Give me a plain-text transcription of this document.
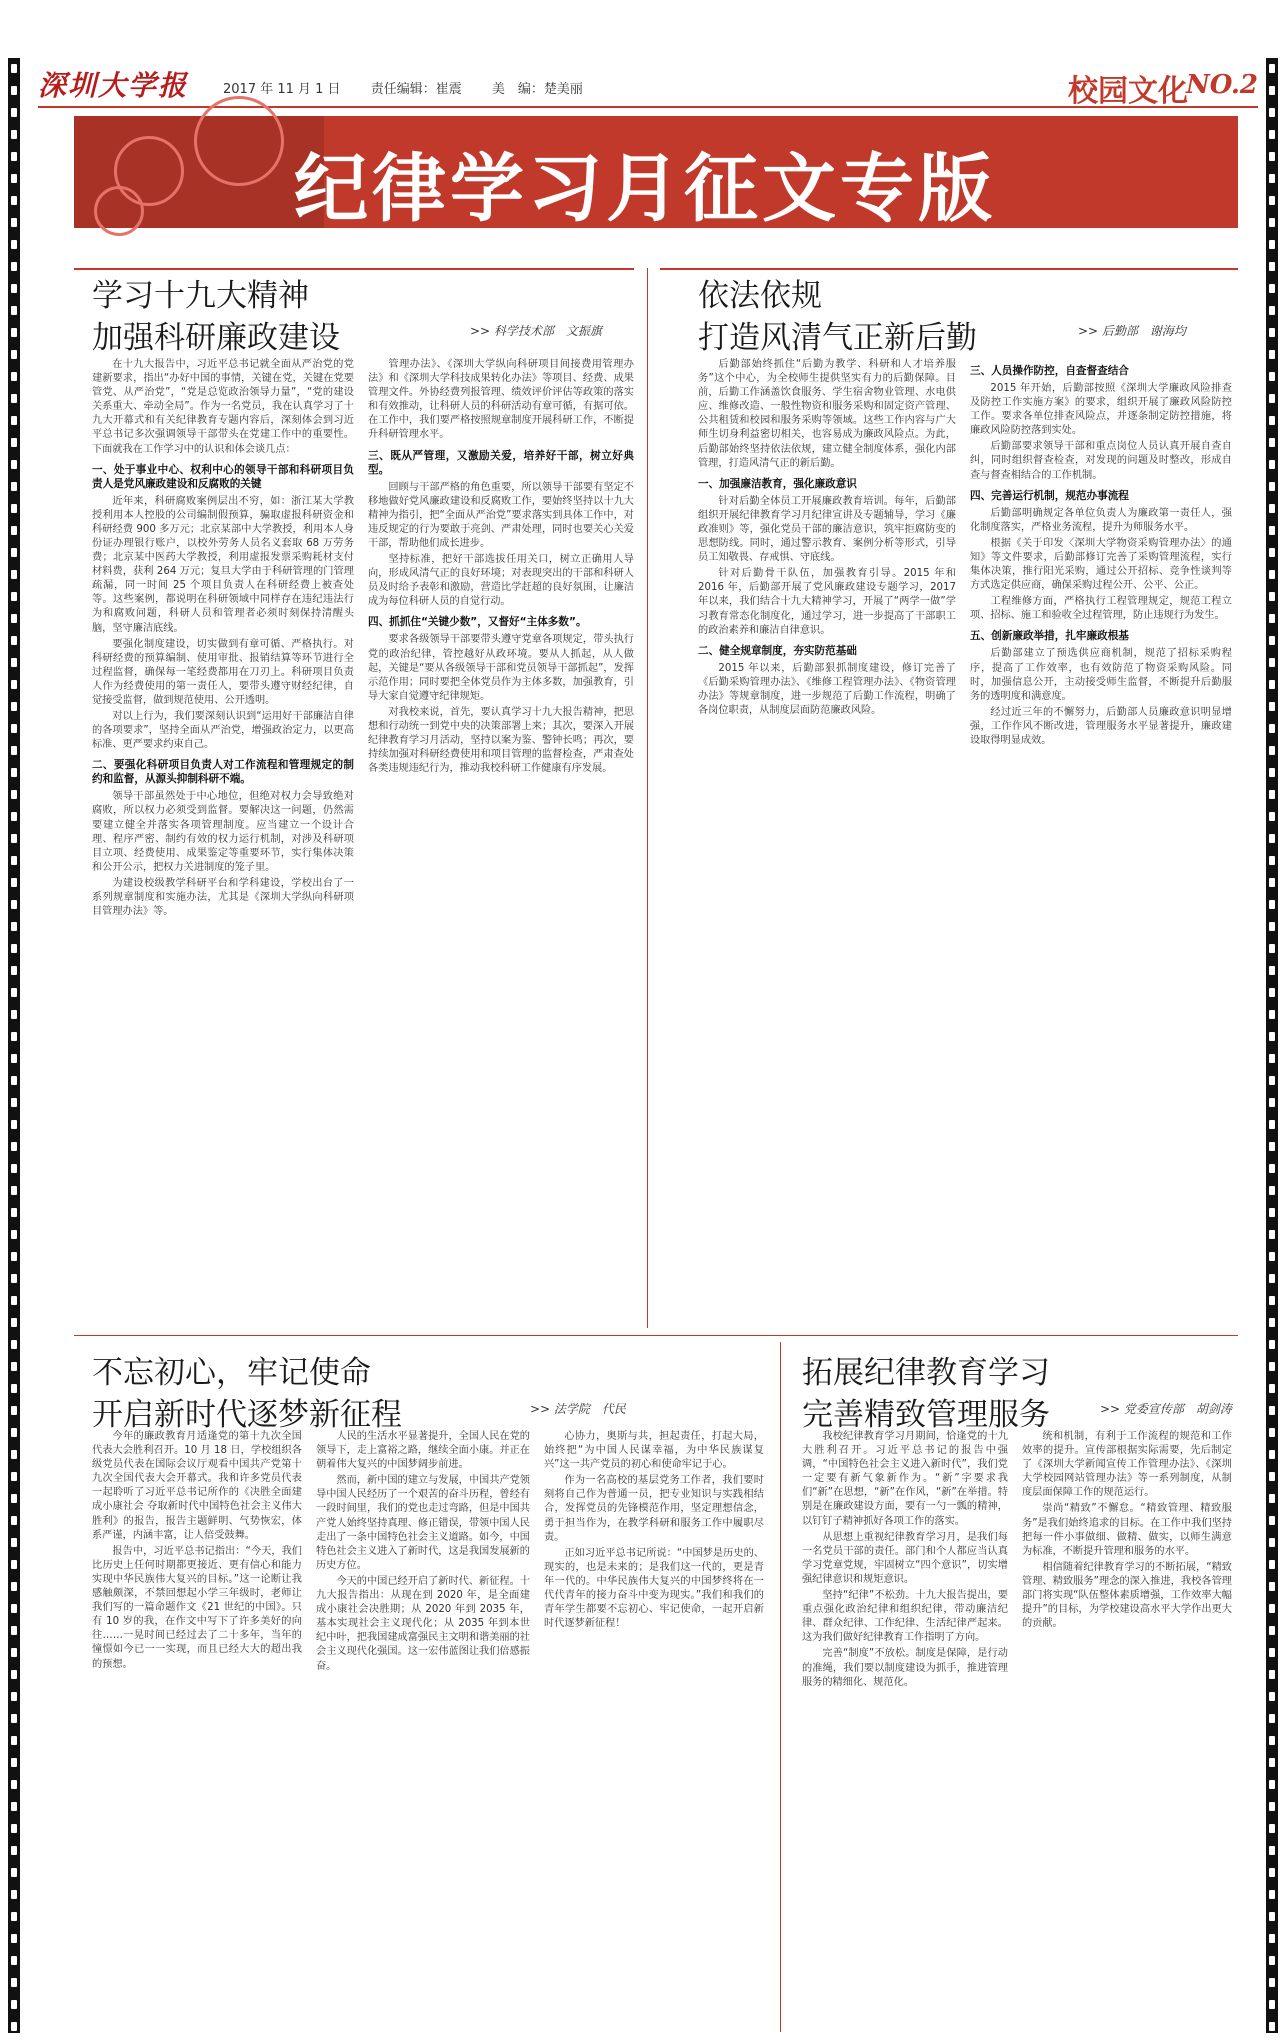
深圳大学报	2017 年 11 月 1 日 责任编辑：崔震 美　编：楚美丽	校园文化
NO.2
纪律学习月征文专版
学习十九大精神
加强科研廉政建设	>> 科学技术部　文振旗

在十九大报告中，习近平总书记就全面从严治党的党建新要求，指出“办好中国的事情，关键在党，关键在党要管党、从严治党”，“党是总览政治领导力量”，“党的建设关系重大、牵动全局”。作为一名党员，我在认真学习了十九大开幕式和有关纪律教育专题内容后，深刻体会到习近平总书记多次强调领导干部带头在党建工作中的重要性。下面就我在工作学习中的认识和体会谈几点：

一、处于事业中心、权利中心的领导干部和科研项目负责人是党风廉政建设和反腐败的关键

近年来，科研腐败案例层出不穷，如：浙江某大学教授利用本人控股的公司编制假预算，骗取虚报科研资金和科研经费 900 多万元；北京某部中大学教授，利用本人身份证办理银行账户，以校外劳务人员名义套取 68 万劳务费；北京某中医药大学教授，利用虚报发票采购耗材支付材料费，获利 264 万元；复旦大学由于科研管理的门管理疏漏，同一时间 25 个项目负责人在科研经费上被查处等。这些案例，都说明在科研领域中同样存在违纪违法行为和腐败问题，科研人员和管理者必须时刻保持清醒头脑，坚守廉洁底线。

要强化制度建设，切实做到有章可循、严格执行。对科研经费的预算编制、使用审批、报销结算等环节进行全过程监督，确保每一笔经费都用在刀刃上。科研项目负责人作为经费使用的第一责任人，要带头遵守财经纪律，自觉接受监督，做到规范使用、公开透明。

对以上行为，我们要深刻认识到“运用好干部廉洁自律的各项要求”，坚持全面从严治党，增强政治定力，以更高标准、更严要求约束自己。

二、要强化科研项目负责人对工作流程和管理规定的制约和监督，从源头抑制科研不端。

领导干部虽然处于中心地位，但绝对权力会导致绝对腐败，所以权力必须受到监督。要解决这一问题，仍然需要建立健全并落实各项管理制度。应当建立一个设计合理、程序严密、制约有效的权力运行机制，对涉及科研项目立项、经费使用、成果鉴定等重要环节，实行集体决策和公开公示，把权力关进制度的笼子里。

为建设校级教学科研平台和学科建设，学校出台了一系列规章制度和实施办法，尤其是《深圳大学纵向科研项目管理办法》等。

管理办法》、《深圳大学纵向科研项目间接费用管理办法》和《深圳大学科技成果转化办法》等项目、经费、成果管理文件。外协经费列报管理、绩效评价评估等政策的落实和有效推动，让科研人员的科研活动有章可循，有据可依。在工作中，我们要严格按照规章制度开展科研工作，不断提升科研管理水平。

三、既从严管理，又激励关爱，培养好干部，树立好典型。

回顾与干部严格的角色重要，所以领导干部要有坚定不移地做好党风廉政建设和反腐败工作，要始终坚持以十九大精神为指引，把“全面从严治党”要求落实到具体工作中，对违反规定的行为要敢于亮剑、严肃处理，同时也要关心关爱干部，帮助他们成长进步。

坚持标准，把好干部选拔任用关口，树立正确用人导向，形成风清气正的良好环境；对表现突出的干部和科研人员及时给予表彰和激励，营造比学赶超的良好氛围，让廉洁成为每位科研人员的自觉行动。

四、抓抓住“关键少数”，又督好“主体多数”。

要求各级领导干部要带头遵守党章各项规定，带头执行党的政治纪律，管控越好从政环境。要从人抓起，从人做起，关键是“要从各级领导干部和党员领导干部抓起”，发挥示范作用；同时要把全体党员作为主体多数，加强教育，引导大家自觉遵守纪律规矩。

对我校来说，首先，要认真学习十九大报告精神，把思想和行动统一到党中央的决策部署上来；其次，要深入开展纪律教育学习月活动，坚持以案为鉴、警钟长鸣；再次，要持续加强对科研经费使用和项目管理的监督检查，严肃查处各类违规违纪行为，推动我校科研工作健康有序发展。

依法依规
打造风清气正新后勤	>> 后勤部　谢海均

后勤部始终抓住“后勤为教学、科研和人才培养服务”这个中心，为全校师生提供坚实有力的后勤保障。目前，后勤工作涵盖饮食服务、学生宿舍物业管理、水电供应、维修改造、一般性物资和服务采购和固定资产管理、公共租赁和校园和服务采购等领域。这些工作内容与广大师生切身利益密切相关，也容易成为廉政风险点。为此，后勤部始终坚持依法依规，建立健全制度体系，强化内部管理，打造风清气正的新后勤。

一、加强廉洁教育，强化廉政意识

针对后勤全体员工开展廉政教育培训。每年，后勤部组织开展纪律教育学习月纪律宣讲及专题辅导，学习《廉政准则》等，强化党员干部的廉洁意识，筑牢拒腐防变的思想防线。同时，通过警示教育、案例分析等形式，引导员工知敬畏、存戒惧、守底线。

针对后勤骨干队伍，加强教育引导。2015 年和 2016 年，后勤部开展了党风廉政建设专题学习，2017 年以来，我们结合十九大精神学习，开展了“两学一做”学习教育常态化制度化，通过学习，进一步提高了干部职工的政治素养和廉洁自律意识。

二、健全规章制度，夯实防范基础

2015 年以来，后勤部狠抓制度建设，修订完善了《后勤采购管理办法》、《维修工程管理办法》、《物资管理办法》等规章制度，进一步规范了后勤工作流程，明确了各岗位职责，从制度层面防范廉政风险。

三、人员操作防控，自查督查结合

2015 年开始，后勤部按照《深圳大学廉政风险排查及防控工作实施方案》的要求，组织开展了廉政风险防控工作。要求各单位排查风险点，并逐条制定防控措施，将廉政风险防控落到实处。

后勤部要求领导干部和重点岗位人员认真开展自查自纠，同时组织督查检查，对发现的问题及时整改，形成自查与督查相结合的工作机制。

四、完善运行机制，规范办事流程

后勤部明确规定各单位负责人为廉政第一责任人，强化制度落实，严格业务流程，提升为师服务水平。

根据《关于印发〈深圳大学物资采购管理办法〉的通知》等文件要求，后勤部修订完善了采购管理流程，实行集体决策，推行阳光采购，通过公开招标、竞争性谈判等方式选定供应商，确保采购过程公开、公平、公正。

工程维修方面，严格执行工程管理规定，规范工程立项、招标、施工和验收全过程管理，防止违规行为发生。

五、创新廉政举措，扎牢廉政根基

后勤部建立了预选供应商机制，规范了招标采购程序，提高了工作效率，也有效防范了物资采购风险。同时，加强信息公开，主动接受师生监督，不断提升后勤服务的透明度和满意度。

经过近三年的不懈努力，后勤部人员廉政意识明显增强，工作作风不断改进，管理服务水平显著提升，廉政建设取得明显成效。

不忘初心，牢记使命
开启新时代逐梦新征程	>> 法学院　代民

今年的廉政教育月适逢党的第十九次全国代表大会胜利召开。10 月 18 日，学校组织各级党员代表在国际会议厅观看中国共产党第十九次全国代表大会开幕式。我和许多党员代表一起聆听了习近平总书记所作的《决胜全面建成小康社会 夺取新时代中国特色社会主义伟大胜利》的报告，报告主题鲜明、气势恢宏，体系严谨，内涵丰富，让人倍受鼓舞。

报告中，习近平总书记指出：“今天，我们比历史上任何时期都更接近、更有信心和能力实现中华民族伟大复兴的目标。”这一论断让我感触颇深，不禁回想起小学三年级时，老师让我们写的一篇命题作文《21 世纪的中国》。只有 10 岁的我，在作文中写下了许多美好的向往……一晃时间已经过去了二十多年，当年的憧憬如今已一一实现，而且已经大大的超出我的预想。

人民的生活水平显著提升，全国人民在党的领导下，走上富裕之路，继续全面小康。并正在朝着伟大复兴的中国梦阔步前进。

然而，新中国的建立与发展，中国共产党领导中国人民经历了一个艰苦的奋斗历程，曾经有一段时间里，我们的党也走过弯路，但是中国共产党人始终坚持真理、修正错误，带领中国人民走出了一条中国特色社会主义道路。如今，中国特色社会主义进入了新时代，这是我国发展新的历史方位。

今天的中国已经开启了新时代、新征程。十九大报告指出：从现在到 2020 年，是全面建成小康社会决胜期；从 2020 年到 2035 年，基本实现社会主义现代化；从 2035 年到本世纪中叶，把我国建成富强民主文明和谐美丽的社会主义现代化强国。这一宏伟蓝图让我们倍感振奋。

心协力，奥斯与共，担起责任，打起大局，始终把“为中国人民谋幸福，为中华民族谋复兴”这一共产党员的初心和使命牢记于心。

作为一名高校的基层党务工作者，我们要时刻将自己作为普通一员，把专业知识与实践相结合，发挥党员的先锋模范作用，坚定理想信念，勇于担当作为，在教学科研和服务工作中履职尽责。

正如习近平总书记所说：“中国梦是历史的、现实的，也是未来的；是我们这一代的，更是青年一代的。中华民族伟大复兴的中国梦终将在一代代青年的接力奋斗中变为现实。”我们和我们的青年学生都要不忘初心、牢记使命，一起开启新时代逐梦新征程！

拓展纪律教育学习
完善精致管理服务	>> 党委宣传部　胡剑涛

我校纪律教育学习月期间，恰逢党的十九大胜利召开。习近平总书记的报告中强调，“中国特色社会主义进入新时代”，我们党一定要有新气象新作为。“新”字要求我们“新”在思想，“新”在作风，“新”在举措。特别是在廉政建设方面，要有一勺一瓢的精神，以钉钉子精神抓好各项工作的落实。

从思想上重视纪律教育学习月，是我们每一名党员干部的责任。部门和个人都应当认真学习党章党规，牢固树立“四个意识”，切实增强纪律意识和规矩意识。

坚持“纪律”不松劲。十九大报告提出，要重点强化政治纪律和组织纪律，带动廉洁纪律、群众纪律、工作纪律、生活纪律严起来。这为我们做好纪律教育工作指明了方向。

完善“制度”不放松。制度是保障，是行动的准绳，我们要以制度建设为抓手，推进管理服务的精细化、规范化。

统和机制，有利于工作流程的规范和工作效率的提升。宣传部根据实际需要，先后制定了《深圳大学新闻宣传工作管理办法》、《深圳大学校园网站管理办法》等一系列制度，从制度层面保障工作的规范运行。

崇尚“精致”不懈怠。“精致管理、精致服务”是我们始终追求的目标。在工作中我们坚持把每一件小事做细、做精、做实，以师生满意为标准，不断提升管理和服务的水平。

相信随着纪律教育学习的不断拓展，“精致管理、精致服务”理念的深入推进，我校各管理部门将实现“队伍整体素质增强，工作效率大幅提升”的目标，为学校建设高水平大学作出更大的贡献。
